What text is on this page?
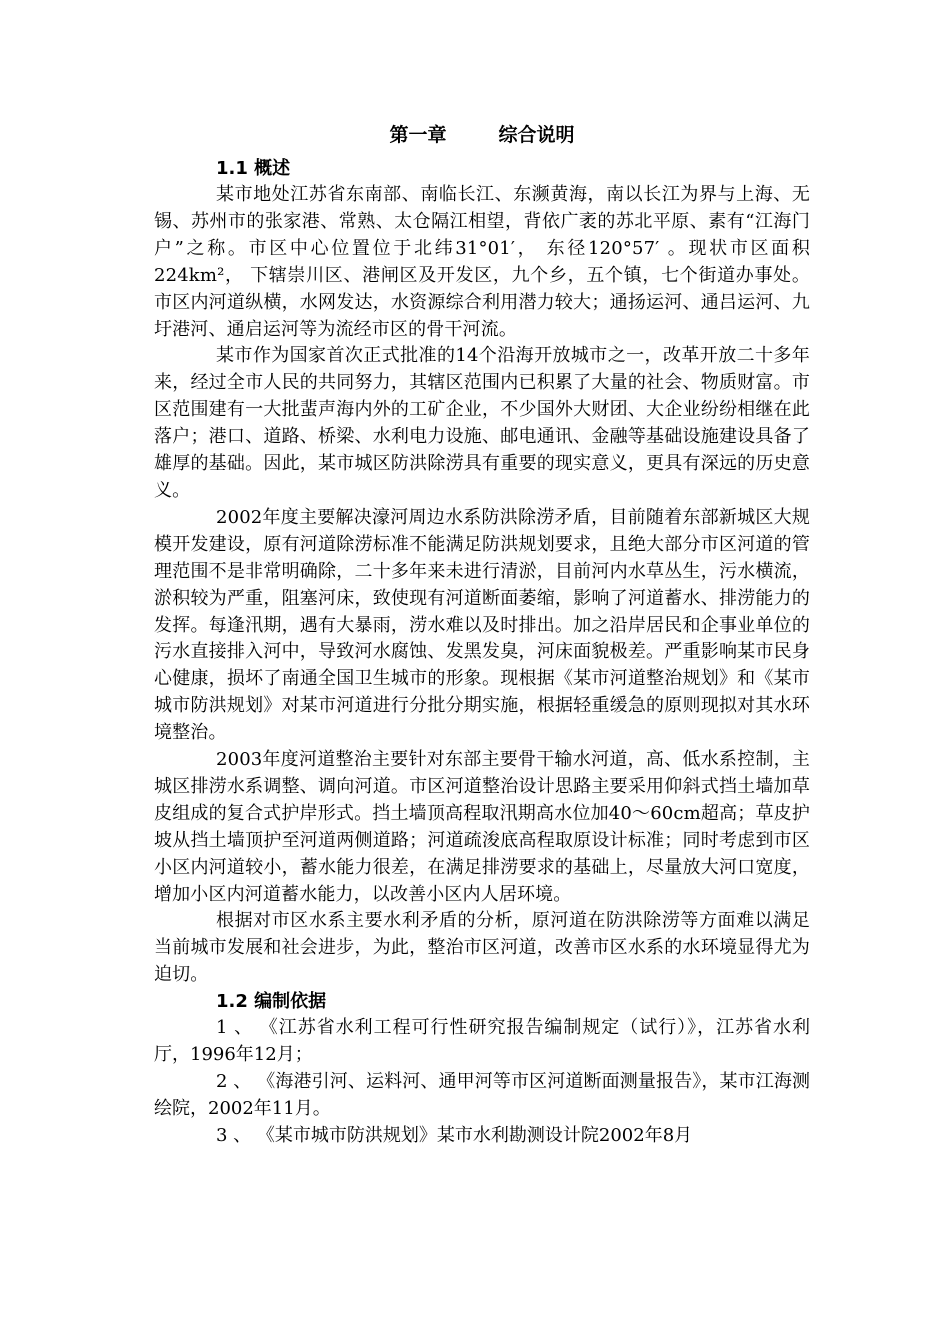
第一章	综合说明
1.1 概述

某市地处江苏省东南部、南临长江、东濒黄海，南以长江为界与上海、无锡、苏州市的张家港、常熟、太仓隔江相望，背依广袤的苏北平原、素有“江海门户”之称。市区中心位置位于北纬31°01′， 东径120°57′ 。现状市区面积224km²， 下辖崇川区、港闸区及开发区，九个乡，五个镇，七个街道办事处。市区内河道纵横，水网发达，水资源综合利用潜力较大；通扬运河、通吕运河、九圩港河、通启运河等为流经市区的骨干河流。

某市作为国家首次正式批准的14个沿海开放城市之一，改革开放二十多年来，经过全市人民的共同努力，其辖区范围内已积累了大量的社会、物质财富。市区范围建有一大批蜚声海内外的工矿企业，不少国外大财团、大企业纷纷相继在此落户；港口、道路、桥梁、水利电力设施、邮电通讯、金融等基础设施建设具备了雄厚的基础。因此，某市城区防洪除涝具有重要的现实意义，更具有深远的历史意义。

2002年度主要解决濠河周边水系防洪除涝矛盾，目前随着东部新城区大规模开发建设，原有河道除涝标准不能满足防洪规划要求，且绝大部分市区河道的管理范围不是非常明确除，二十多年来未进行清淤，目前河内水草丛生，污水横流，淤积较为严重，阻塞河床，致使现有河道断面萎缩，影响了河道蓄水、排涝能力的发挥。每逢汛期，遇有大暴雨，涝水难以及时排出。加之沿岸居民和企事业单位的污水直接排入河中，导致河水腐蚀、发黑发臭，河床面貌极差。严重影响某市民身心健康，损坏了南通全国卫生城市的形象。现根据《某市河道整治规划》和《某市城市防洪规划》对某市河道进行分批分期实施，根据轻重缓急的原则现拟对其水环境整治。

2003年度河道整治主要针对东部主要骨干输水河道，高、低水系控制，主城区排涝水系调整、调向河道。市区河道整治设计思路主要采用仰斜式挡土墙加草皮组成的复合式护岸形式。挡土墙顶高程取汛期高水位加40～60cm超高；草皮护坡从挡土墙顶护至河道两侧道路；河道疏浚底高程取原设计标准；同时考虑到市区小区内河道较小，蓄水能力很差，在满足排涝要求的基础上，尽量放大河口宽度，增加小区内河道蓄水能力，以改善小区内人居环境。

根据对市区水系主要水利矛盾的分析，原河道在防洪除涝等方面难以满足当前城市发展和社会进步，为此，整治市区河道，改善市区水系的水环境显得尤为迫切。

1.2 编制依据

1 、 《江苏省水利工程可行性研究报告编制规定（试行）》，江苏省水利厅，1996年12月；

2 、 《海港引河、运料河、通甲河等市区河道断面测量报告》，某市江海测绘院，2002年11月。

3 、 《某市城市防洪规划》某市水利勘测设计院2002年8月
